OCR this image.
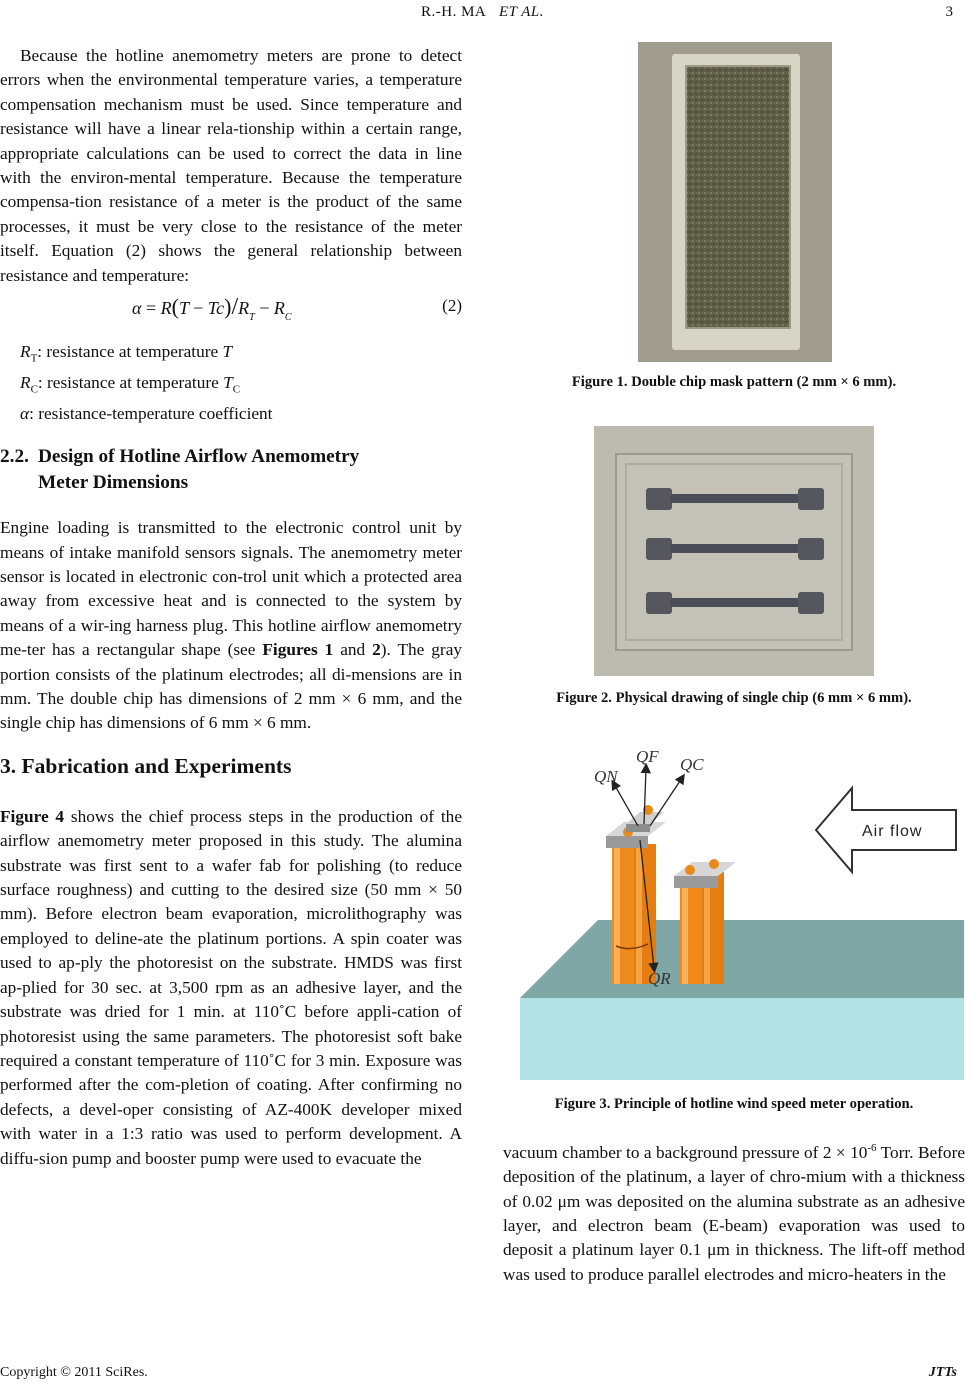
R.-H. MA ET AL.	3

Because the hotline anemometry meters are prone to detect errors when the environmental temperature varies, a temperature compensation mechanism must be used. Since temperature and resistance will have a linear rela-tionship within a certain range, appropriate calculations can be used to correct the data in line with the environ-mental temperature. Because the temperature compensa-tion resistance of a meter is the product of the same processes, it must be very close to the resistance of the meter itself. Equation (2) shows the general relationship between resistance and temperature:

$\alpha = R(T - Tc)/R_T - R_C$
(2)
$R_T$: resistance at temperature T
$R_C$: resistance at temperature $T_C$
α: resistance-temperature coefficient
2.2. Design of Hotline Airflow Anemometry
Meter Dimensions

Engine loading is transmitted to the electronic control unit by means of intake manifold sensors signals. The anemometry meter sensor is located in electronic con-trol unit which a protected area away from excessive heat and is connected to the system by means of a wir-ing harness plug. This hotline airflow anemometry me-ter has a rectangular shape (see Figures 1 and 2). The gray portion consists of the platinum electrodes; all di-mensions are in mm. The double chip has dimensions of 2 mm × 6 mm, and the single chip has dimensions of 6 mm × 6 mm.

3. Fabrication and Experiments

Figure 4 shows the chief process steps in the production of the airflow anemometry meter proposed in this study. The alumina substrate was first sent to a wafer fab for polishing (to reduce surface roughness) and cutting to the desired size (50 mm × 50 mm). Before electron beam evaporation, microlithography was employed to deline-ate the platinum portions. A spin coater was used to ap-ply the photoresist on the substrate. HMDS was first ap-plied for 30 sec. at 3,500 rpm as an adhesive layer, and the substrate was dried for 1 min. at 110˚C before appli-cation of photoresist using the same parameters. The photoresist soft bake required a constant temperature of 110˚C for 3 min. Exposure was performed after the com-pletion of coating. After confirming no defects, a devel-oper consisting of AZ-400K developer mixed with water in a 1:3 ratio was used to perform development. A diffu-sion pump and booster pump were used to evacuate the

Figure 1. Double chip mask pattern (2 mm × 6 mm).
Figure 2. Physical drawing of single chip (6 mm × 6 mm).
QN
QF QC
QR
Air flow
Figure 3. Principle of hotline wind speed meter operation.

vacuum chamber to a background pressure of $2 \times 10^{-6}$ Torr. Before deposition of the platinum, a layer of chro-mium with a thickness of 0.02 μm was deposited on the alumina substrate as an adhesive layer, and electron beam (E-beam) evaporation was used to deposit a platinum layer 0.1 μm in thickness. The lift-off method was used to produce parallel electrodes and micro-heaters in the

Copyright © 2011 SciRes.	JTTs
